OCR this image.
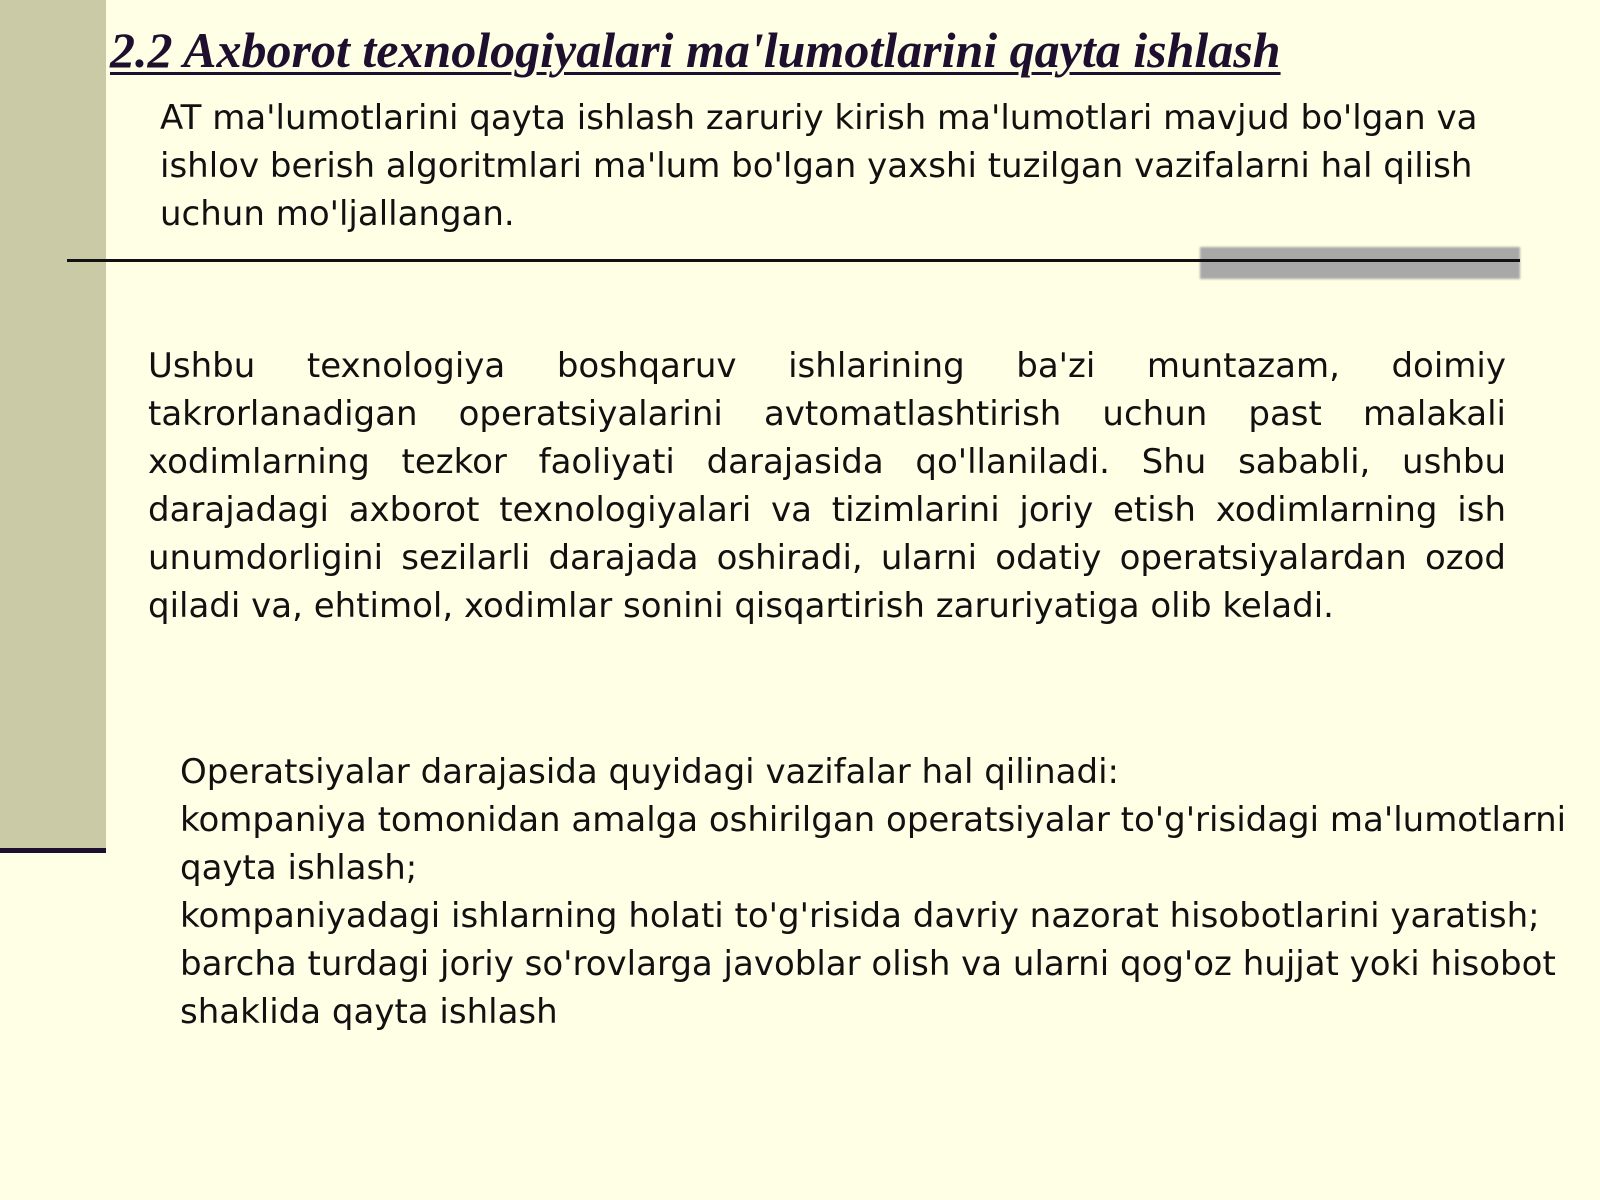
2.2 Axborot texnologiyalari ma'lumotlarini qayta ishlash

AT ma'lumotlarini qayta ishlash zaruriy kirish ma'lumotlari mavjud bo'lgan va ishlov berish algoritmlari ma'lum bo'lgan yaxshi tuzilgan vazifalarni hal qilish uchun mo'ljallangan.

Ushbu texnologiya boshqaruv ishlarining ba'zi muntazam, doimiy takrorlanadigan operatsiyalarini avtomatlashtirish uchun past malakali xodimlarning tezkor faoliyati darajasida qo'llaniladi. Shu sababli, ushbu darajadagi axborot texnologiyalari va tizimlarini joriy etish xodimlarning ish unumdorligini sezilarli darajada oshiradi, ularni odatiy operatsiyalardan ozod qiladi va, ehtimol, xodimlar sonini qisqartirish zaruriyatiga olib keladi.

Operatsiyalar darajasida quyidagi vazifalar hal qilinadi:

kompaniya tomonidan amalga oshirilgan operatsiyalar to'g'risidagi ma'lumotlarni qayta ishlash;

kompaniyadagi ishlarning holati to'g'risida davriy nazorat hisobotlarini yaratish;

barcha turdagi joriy so'rovlarga javoblar olish va ularni qog'oz hujjat yoki hisobot shaklida qayta ishlash
